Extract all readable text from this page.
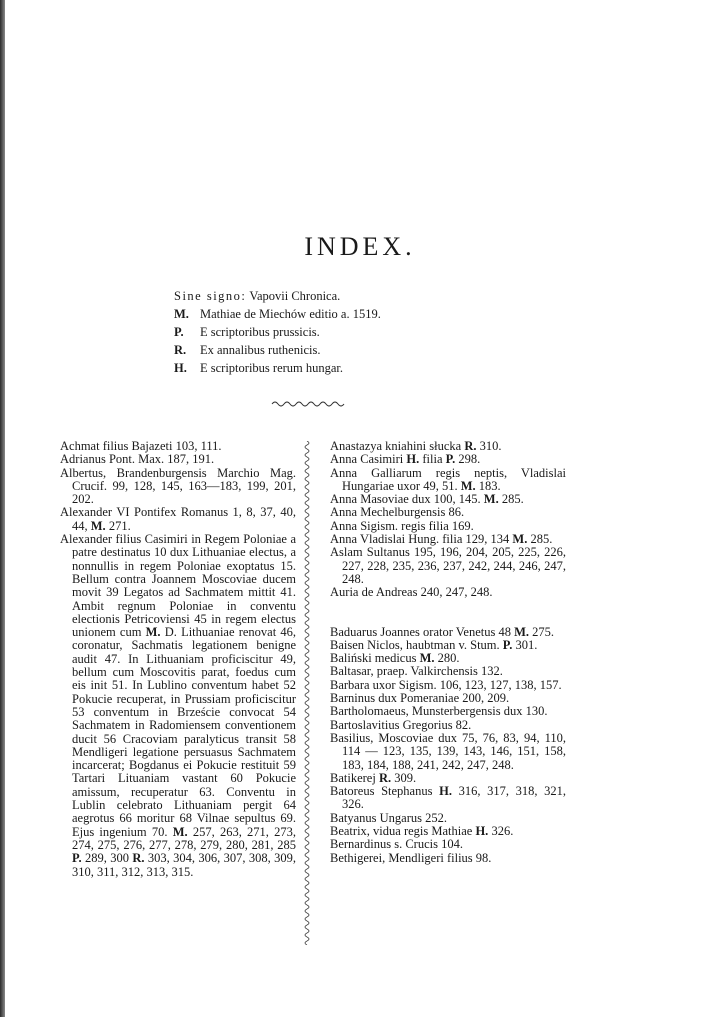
INDEX.
Sine signo: Vapovii Chronica.
M. Mathiae de Miechów editio a. 1519.
P. E scriptoribus prussicis.
R. Ex annalibus ruthenicis.
H. E scriptoribus rerum hungar.
Achmat filius Bajazeti 103, 111.
Adrianus Pont. Max. 187, 191.
Albertus, Brandenburgensis Marchio Mag. Crucif. 99, 128, 145, 163—183, 199, 201, 202.
Alexander VI Pontifex Romanus 1, 8, 37, 40, 44, M. 271.
Alexander filius Casimiri in Regem Poloniae a patre destinatus 10 dux Lithuaniae electus, a nonnullis in regem Poloniae exoptatus 15. Bellum contra Joannem Moscoviae ducem movit 39 Legatos ad Sachmatem mittit 41. Ambit regnum Poloniae in conventu electionis Petricoviensi 45 in regem electus unionem cum M. D. Lithuaniae renovat 46, coronatur, Sachmatis legationem benigne audit 47. In Lithuaniam proficiscitur 49, bellum cum Moscovitis parat, foedus cum eis init 51. In Lublino conventum habet 52 Pokucie recuperat, in Prussiam proficiscitur 53 conventum in Brzeście convocat 54 Sachmatem in Radomiensem conventionem ducit 56 Cracoviam paralyticus transit 58 Mendligeri legatione persuasus Sachmatem incarcerat; Bogdanus ei Pokucie restituit 59 Tartari Lituaniam vastant 60 Pokucie amissum, recuperatur 63. Conventu in Lublin celebrato Lithuaniam pergit 64 aegrotus 66 moritur 68 Vilnae sepultus 69. Ejus ingenium 70. M. 257, 263, 271, 273, 274, 275, 276, 277, 278, 279, 280, 281, 285 P. 289, 300 R. 303, 304, 306, 307, 308, 309, 310, 311, 312, 313, 315.
Anastazya kniahini słucka R. 310.
Anna Casimiri H. filia P. 298.
Anna Galliarum regis neptis, Vladislai Hungariae uxor 49, 51. M. 183.
Anna Masoviae dux 100, 145. M. 285.
Anna Mechelburgensis 86.
Anna Sigism. regis filia 169.
Anna Vladislai Hung. filia 129, 134 M. 285.
Aslam Sultanus 195, 196, 204, 205, 225, 226, 227, 228, 235, 236, 237, 242, 244, 246, 247, 248.
Auria de Andreas 240, 247, 248.
Baduarus Joannes orator Venetus 48 M. 275.
Baisen Niclos, haubtman v. Stum. P. 301.
Baliński medicus M. 280.
Baltasar, praep. Valkirchensis 132.
Barbara uxor Sigism. 106, 123, 127, 138, 157.
Barninus dux Pomeraniae 200, 209.
Bartholomaeus, Munsterbergensis dux 130.
Bartoslavitius Gregorius 82.
Basilius, Moscoviae dux 75, 76, 83, 94, 110, 114 — 123, 135, 139, 143, 146, 151, 158, 183, 184, 188, 241, 242, 247, 248.
Batikerej R. 309.
Batoreus Stephanus H. 316, 317, 318, 321, 326.
Batyanus Ungarus 252.
Beatrix, vidua regis Mathiae H. 326.
Bernardinus s. Crucis 104.
Bethigerei, Mendligeri filius 98.
